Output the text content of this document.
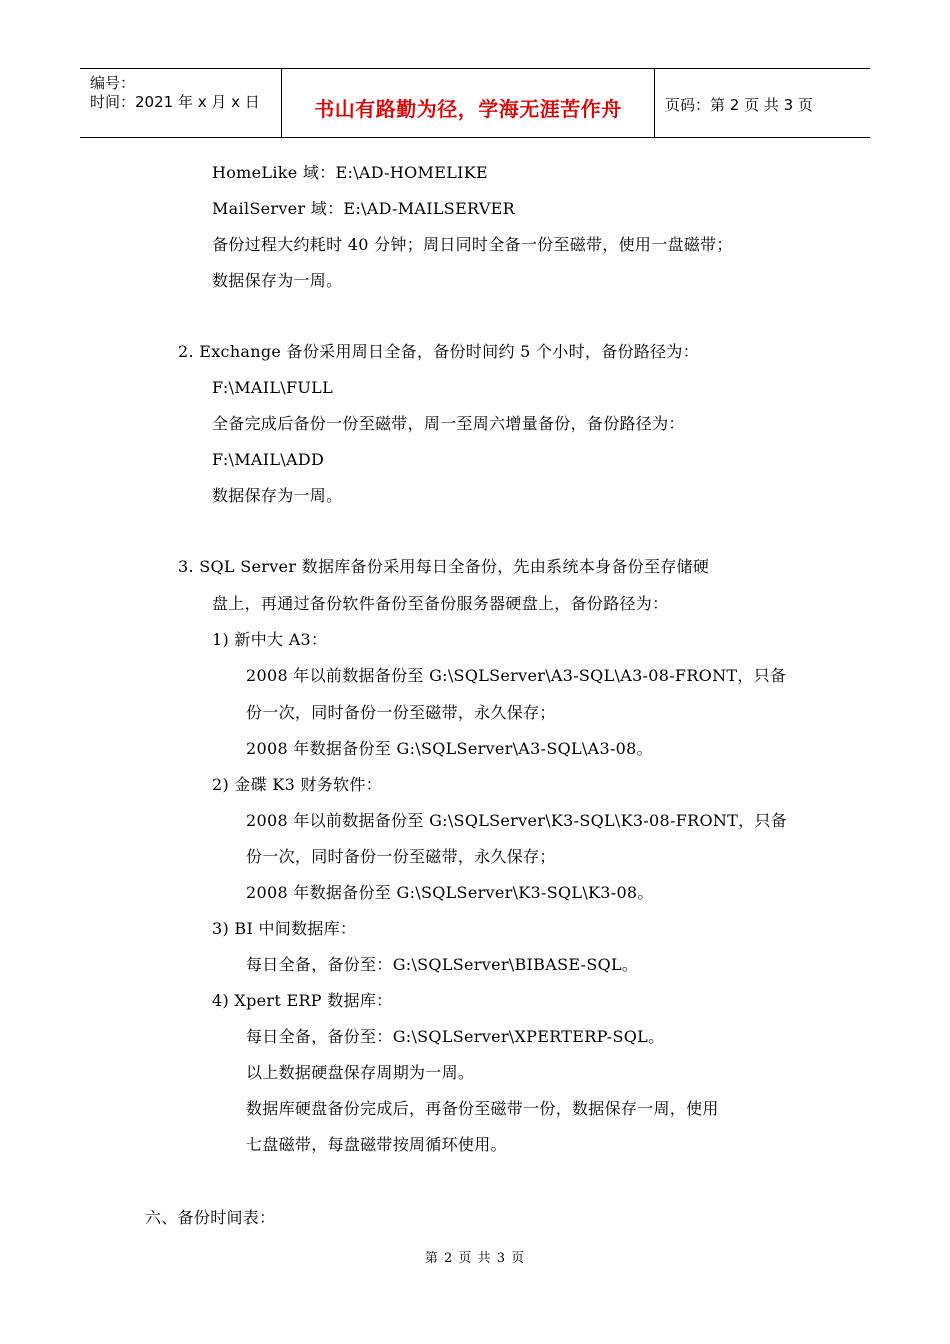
编号：
时间：2021 年 x 月 x 日	书山有路勤为径，学海无涯苦作舟	页码：第 2 页 共 3 页
HomeLike 域：E:\AD-HOMELIKE
MailServer 域：E:\AD-MAILSERVER
备份过程大约耗时 40 分钟；周日同时全备一份至磁带，使用一盘磁带；
数据保存为一周。
2. Exchange 备份采用周日全备，备份时间约 5 个小时，备份路径为：
F:\MAIL\FULL
全备完成后备份一份至磁带，周一至周六增量备份，备份路径为：
F:\MAIL\ADD
数据保存为一周。
3. SQL Server 数据库备份采用每日全备份，先由系统本身备份至存储硬
盘上，再通过备份软件备份至备份服务器硬盘上，备份路径为：
1) 新中大 A3：
2008 年以前数据备份至 G:\SQLServer\A3-SQL\A3-08-FRONT，只备
份一次，同时备份一份至磁带，永久保存；
2008 年数据备份至 G:\SQLServer\A3-SQL\A3-08。
2) 金碟 K3 财务软件：
2008 年以前数据备份至 G:\SQLServer\K3-SQL\K3-08-FRONT，只备
份一次，同时备份一份至磁带，永久保存；
2008 年数据备份至 G:\SQLServer\K3-SQL\K3-08。
3) BI 中间数据库：
每日全备，备份至：G:\SQLServer\BIBASE-SQL。
4) Xpert ERP 数据库：
每日全备，备份至：G:\SQLServer\XPERTERP-SQL。
以上数据硬盘保存周期为一周。
数据库硬盘备份完成后，再备份至磁带一份，数据保存一周，使用
七盘磁带，每盘磁带按周循环使用。
六、备份时间表：
第 2 页 共 3 页
